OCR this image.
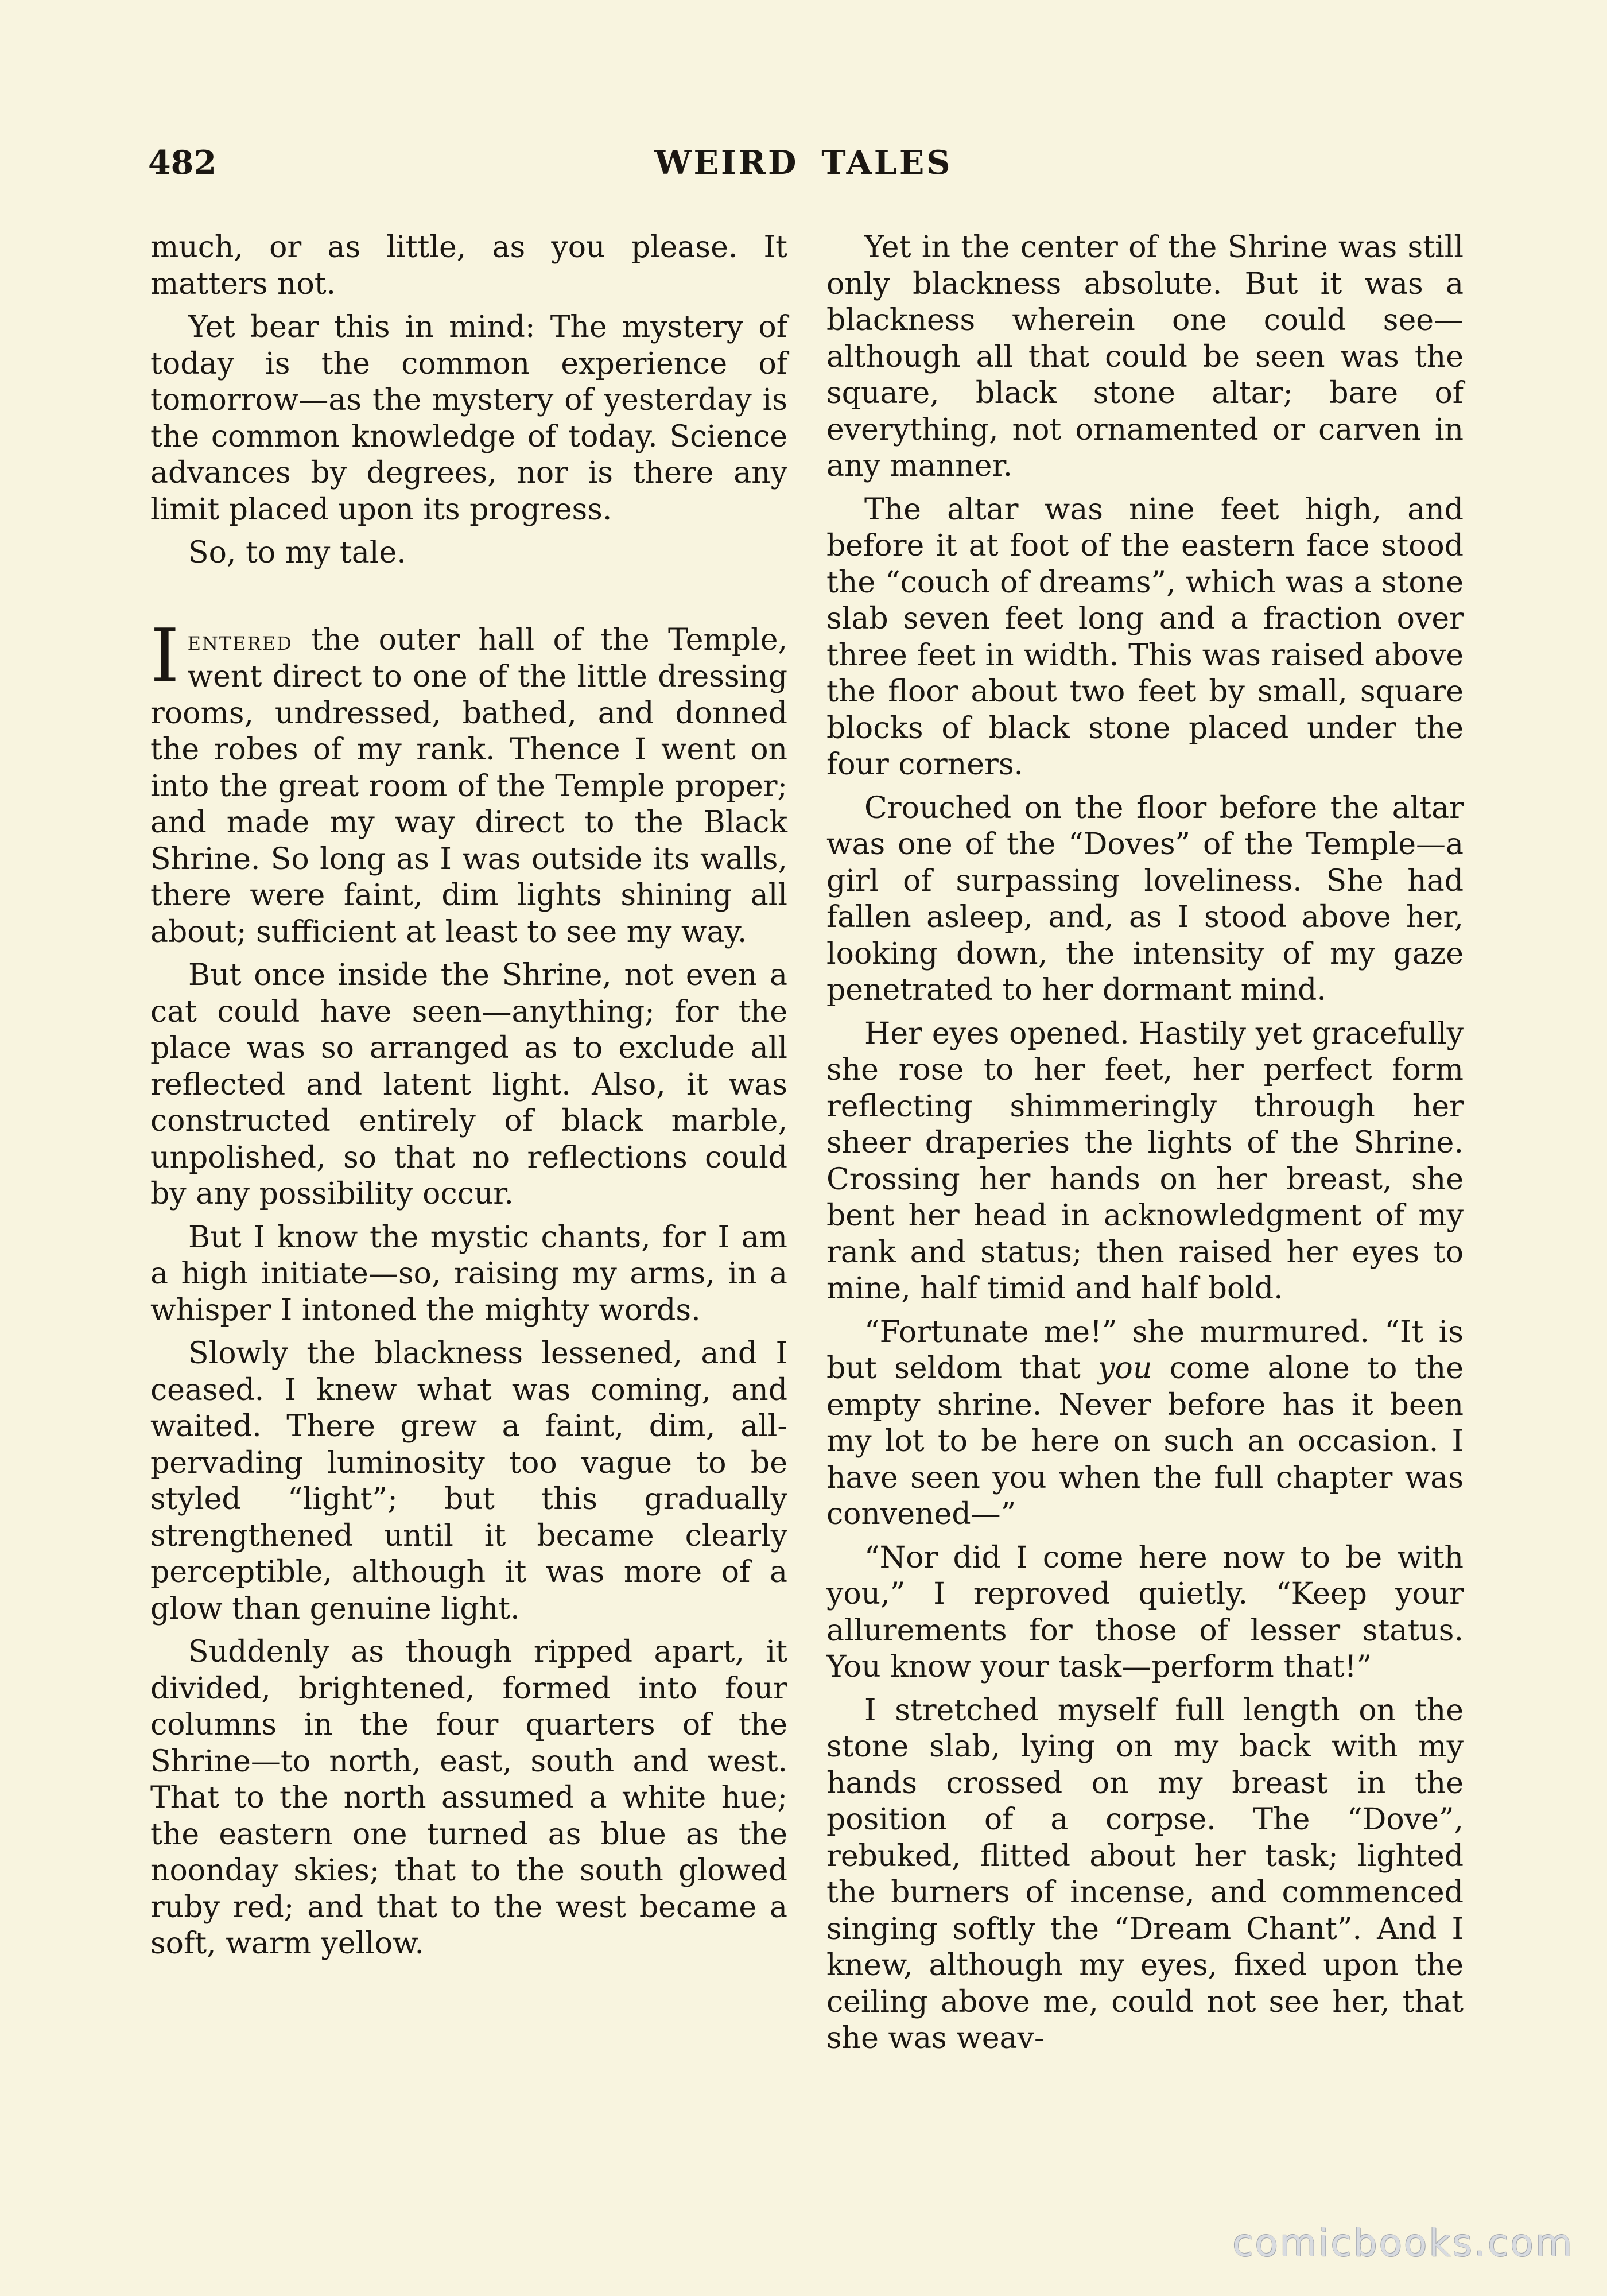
482	WEIRD TALES

much, or as little, as you please. It matters not.

Yet bear this in mind: The mystery of today is the common experience of tomorrow—as the mystery of yesterday is the common knowledge of today. Science advances by degrees, nor is there any limit placed upon its progress.

So, to my tale.

Ientered the outer hall of the Temple, went direct to one of the little dressing rooms, undressed, bathed, and donned the robes of my rank. Thence I went on into the great room of the Temple proper; and made my way direct to the Black Shrine. So long as I was outside its walls, there were faint, dim lights shining all about; sufficient at least to see my way.

But once inside the Shrine, not even a cat could have seen—anything; for the place was so arranged as to exclude all reflected and latent light. Also, it was constructed entirely of black marble, unpolished, so that no reflections could by any possibility occur.

But I know the mystic chants, for I am a high initiate—so, raising my arms, in a whisper I intoned the mighty words.

Slowly the blackness lessened, and I ceased. I knew what was coming, and waited. There grew a faint, dim, all-pervading luminosity too vague to be styled “light”; but this gradually strengthened until it became clearly perceptible, although it was more of a glow than genuine light.

Suddenly as though ripped apart, it divided, brightened, formed into four columns in the four quarters of the Shrine—to north, east, south and west. That to the north assumed a white hue; the eastern one turned as blue as the noonday skies; that to the south glowed ruby red; and that to the west became a soft, warm yellow.

Yet in the center of the Shrine was still only blackness absolute. But it was a blackness wherein one could see—although all that could be seen was the square, black stone altar; bare of everything, not ornamented or carven in any manner.

The altar was nine feet high, and before it at foot of the eastern face stood the “couch of dreams”, which was a stone slab seven feet long and a fraction over three feet in width. This was raised above the floor about two feet by small, square blocks of black stone placed under the four corners.

Crouched on the floor before the altar was one of the “Doves” of the Temple—a girl of surpassing loveliness. She had fallen asleep, and, as I stood above her, looking down, the intensity of my gaze penetrated to her dormant mind.

Her eyes opened. Hastily yet gracefully she rose to her feet, her perfect form reflecting shimmeringly through her sheer draperies the lights of the Shrine. Crossing her hands on her breast, she bent her head in acknowledgment of my rank and status; then raised her eyes to mine, half timid and half bold.

“Fortunate me!” she murmured. “It is but seldom that you come alone to the empty shrine. Never before has it been my lot to be here on such an occasion. I have seen you when the full chapter was convened—”

“Nor did I come here now to be with you,” I reproved quietly. “Keep your allurements for those of lesser status. You know your task—perform that!”

I stretched myself full length on the stone slab, lying on my back with my hands crossed on my breast in the position of a corpse. The “Dove”, rebuked, flitted about her task; lighted the burners of incense, and commenced singing softly the “Dream Chant”. And I knew, although my eyes, fixed upon the ceiling above me, could not see her, that she was weav-

comicbooks.com
